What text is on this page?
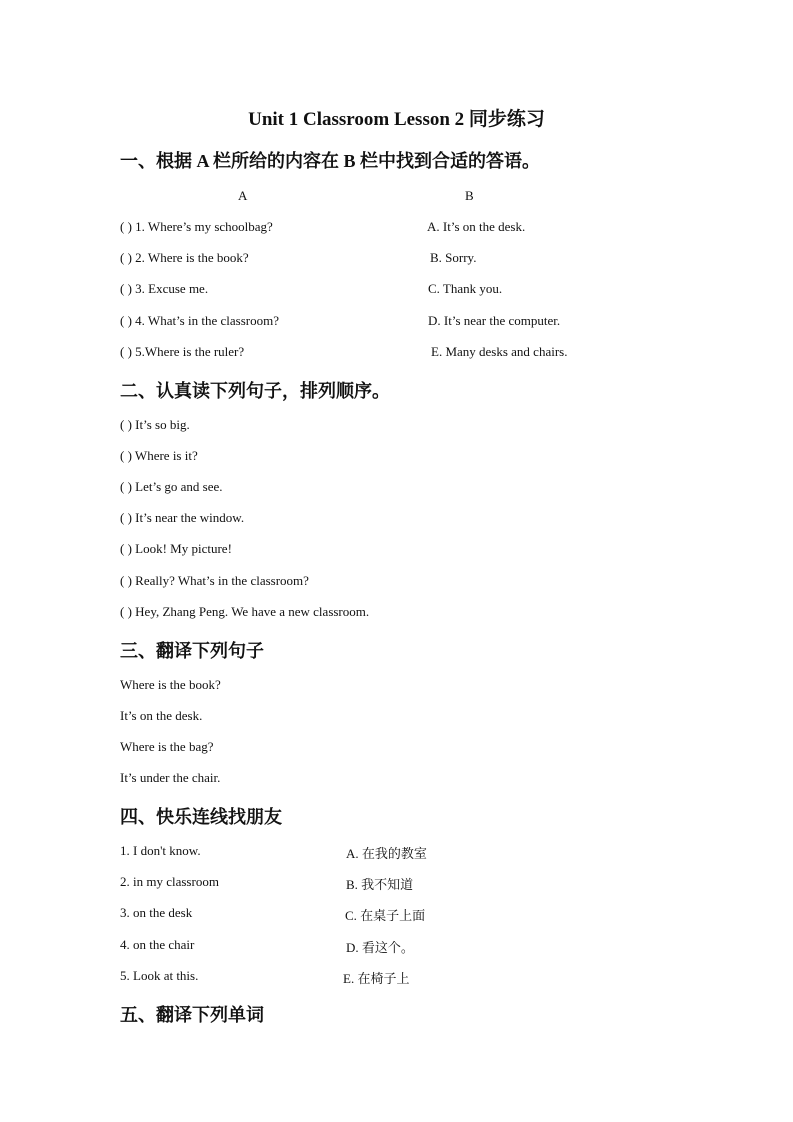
Unit 1 Classroom Lesson 2 同步练习
一、根据 A 栏所给的内容在 B 栏中找到合适的答语。
A	B
( ) 1. Where’s my schoolbag?	A. It’s on the desk.
( ) 2. Where is the book?	B. Sorry.
( ) 3. Excuse me.	C. Thank you.
( ) 4. What’s in the classroom?	D. It’s near the computer.
( ) 5.Where is the ruler?	E. Many desks and chairs.
二、认真读下列句子，排列顺序。
( ) It’s so big.
( ) Where is it?
( ) Let’s go and see.
( ) It’s near the window.
( ) Look! My picture!
( ) Really? What’s in the classroom?
( ) Hey, Zhang Peng. We have a new classroom.
三、翻译下列句子
Where is the book?
It’s on the desk.
Where is the bag?
It’s under the chair.
四、快乐连线找朋友
1. I don't know.	A. 在我的教室
2. in my classroom	B. 我不知道
3. on the desk	C. 在桌子上面
4. on the chair	D. 看这个。
5. Look at this.	E. 在椅子上
五、翻译下列单词
